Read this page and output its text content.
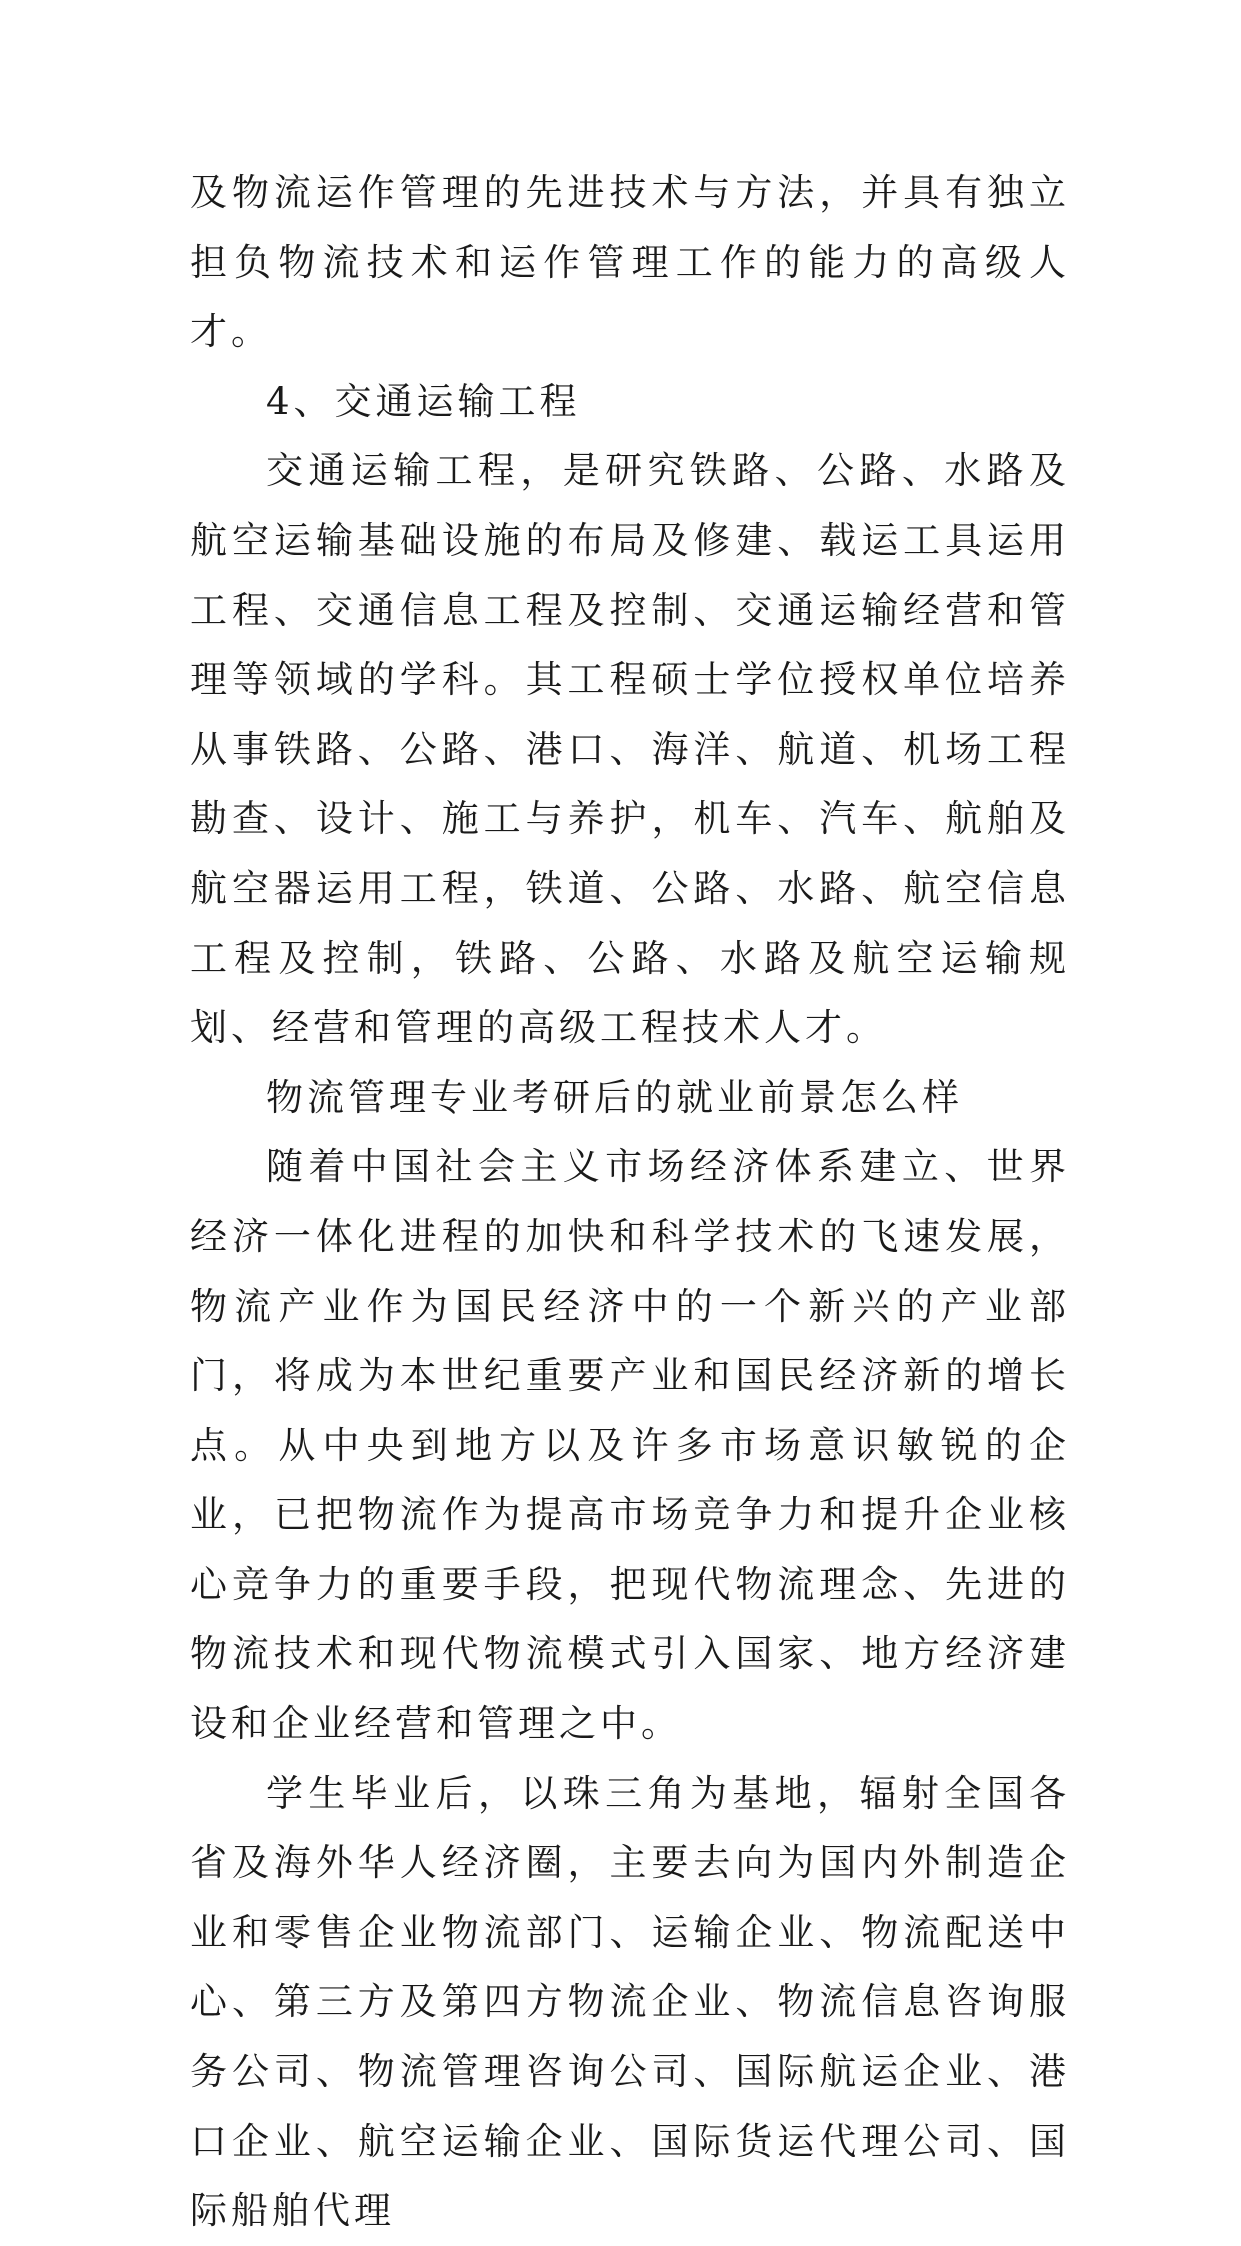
及物流运作管理的先进技术与方法，并具有独立担负物流技术和运作管理工作的能力的高级人才。

4、交通运输工程

交通运输工程，是研究铁路、公路、水路及航空运输基础设施的布局及修建、载运工具运用工程、交通信息工程及控制、交通运输经营和管理等领域的学科。其工程硕士学位授权单位培养从事铁路、公路、港口、海洋、航道、机场工程勘查、设计、施工与养护，机车、汽车、航舶及航空器运用工程，铁道、公路、水路、航空信息工程及控制，铁路、公路、水路及航空运输规划、经营和管理的高级工程技术人才。

物流管理专业考研后的就业前景怎么样

随着中国社会主义市场经济体系建立、世界经济一体化进程的加快和科学技术的飞速发展，物流产业作为国民经济中的一个新兴的产业部门，将成为本世纪重要产业和国民经济新的增长点。从中央到地方以及许多市场意识敏锐的企业，已把物流作为提高市场竞争力和提升企业核心竞争力的重要手段，把现代物流理念、先进的物流技术和现代物流模式引入国家、地方经济建设和企业经营和管理之中。

学生毕业后，以珠三角为基地，辐射全国各省及海外华人经济圈，主要去向为国内外制造企业和零售企业物流部门、运输企业、物流配送中心、第三方及第四方物流企业、物流信息咨询服务公司、物流管理咨询公司、国际航运企业、港口企业、航空运输企业、国际货运代理公司、国际船舶代理
